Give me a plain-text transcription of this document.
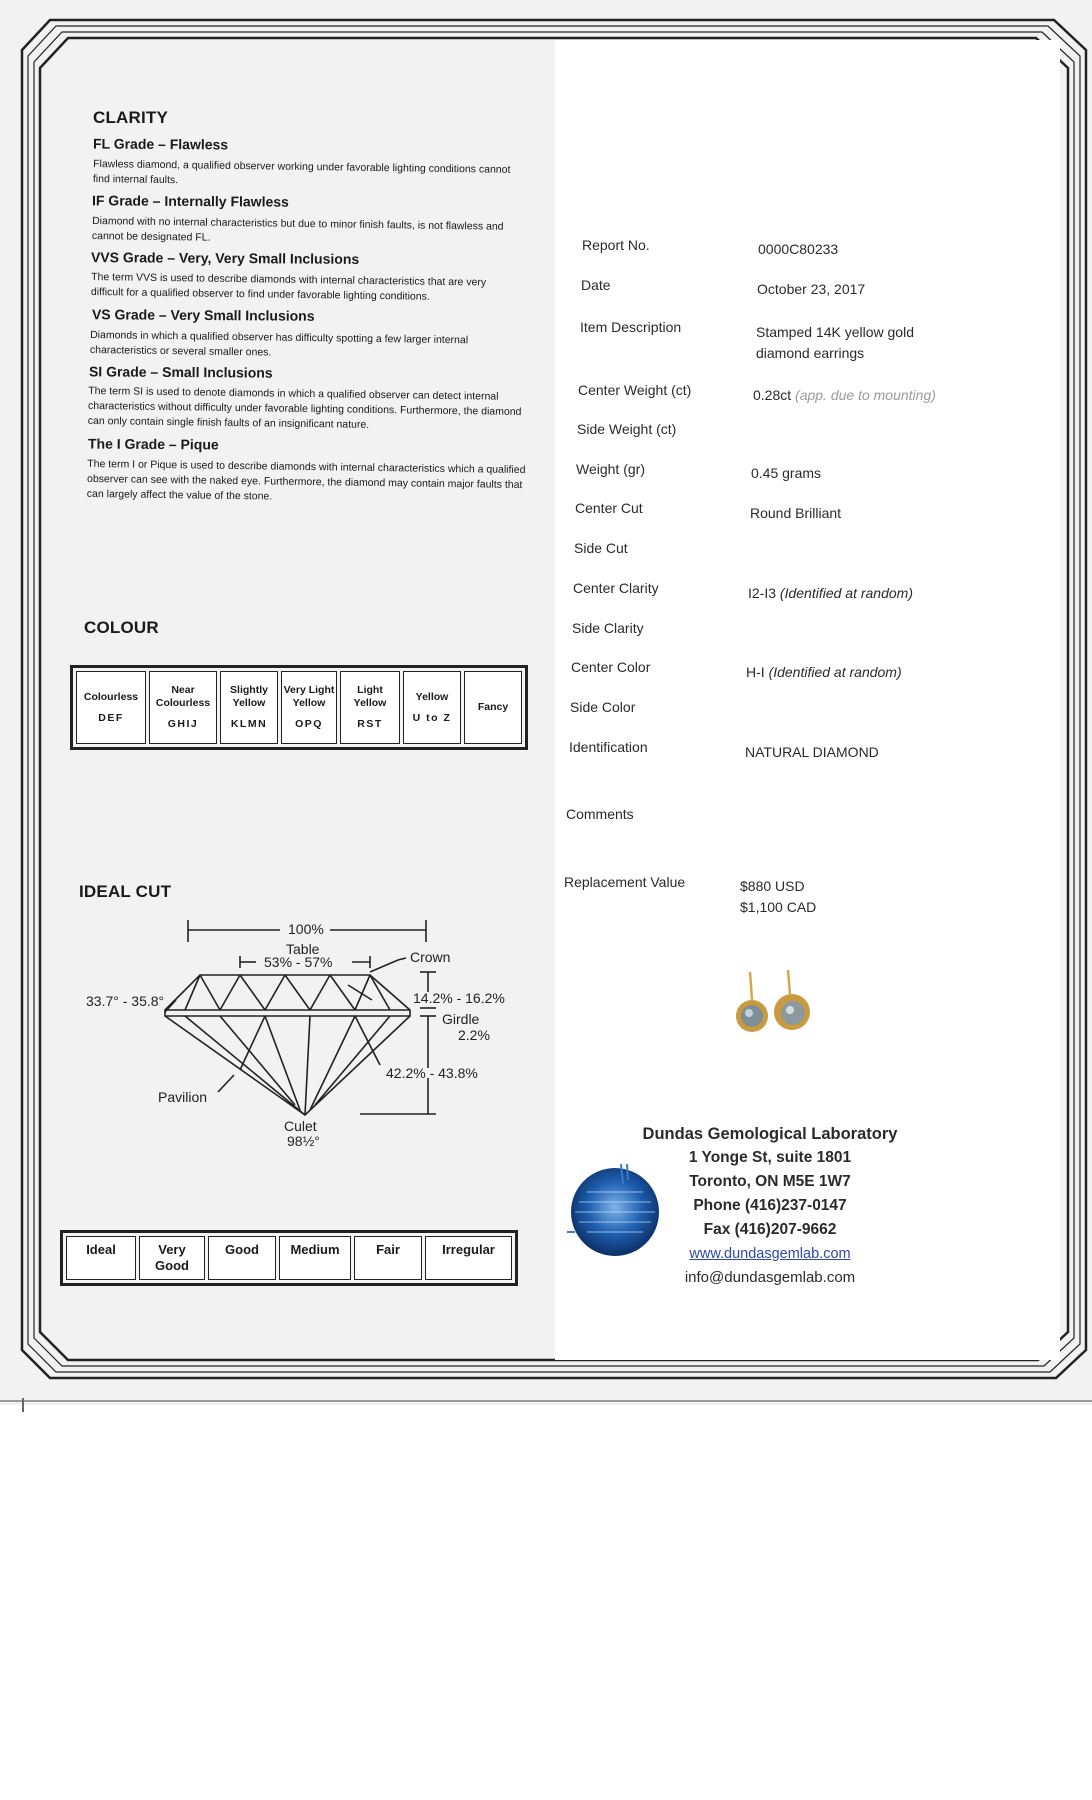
CLARITY
FL Grade – Flawless
Flawless diamond, a qualified observer working under favorable lighting conditions cannot find internal faults.
IF Grade – Internally Flawless
Diamond with no internal characteristics but due to minor finish faults, is not flawless and cannot be designated FL.
VVS Grade – Very, Very Small Inclusions
The term VVS is used to describe diamonds with internal characteristics that are very difficult for a qualified observer to find under favorable lighting conditions.
VS Grade – Very Small Inclusions
Diamonds in which a qualified observer has difficulty spotting a few larger internal characteristics or several smaller ones.
SI Grade – Small Inclusions
The term SI is used to denote diamonds in which a qualified observer can detect internal characteristics without difficulty under favorable lighting conditions. Furthermore, the diamond can only contain single finish faults of an insignificant nature.
The I Grade – Pique
The term I or Pique is used to describe diamonds with internal characteristics which a qualified observer can see with the naked eye. Furthermore, the diamond may contain major faults that can largely affect the value of the stone.
COLOUR
Colourless
DEF
Near Colourless
GHIJ
Slightly Yellow
KLMN
Very Light Yellow
OPQ
Light Yellow
RST
Yellow
U to Z
Fancy
IDEAL CUT
100%
Table
53% - 57%	Crown
33.7° - 35.8°	14.2% - 16.2%
Girdle
2.2%
42.2% - 43.8%
Pavilion
Culet
98½°
Ideal	Very Good
Good	Medium	Fair	Irregular
Report No.	0000C80233
Date	October 23, 2017
Item Description	Stamped 14K yellow gold
diamond earrings
Center Weight (ct)	0.28ct (app. due to mounting)
Side Weight (ct)
Weight (gr)	0.45 grams
Center Cut	Round Brilliant
Side Cut
Center Clarity	I2-I3 (Identified at random)
Side Clarity
Center Color	H-I (Identified at random)
Side Color
Identification	NATURAL DIAMOND
Comments
Replacement Value	$880 USD
$1,100 CAD
Dundas Gemological Laboratory
1 Yonge St, suite 1801
Toronto, ON M5E 1W7
Phone (416)237-0147
Fax (416)207-9662
www.dundasgemlab.com
info@dundasgemlab.com
